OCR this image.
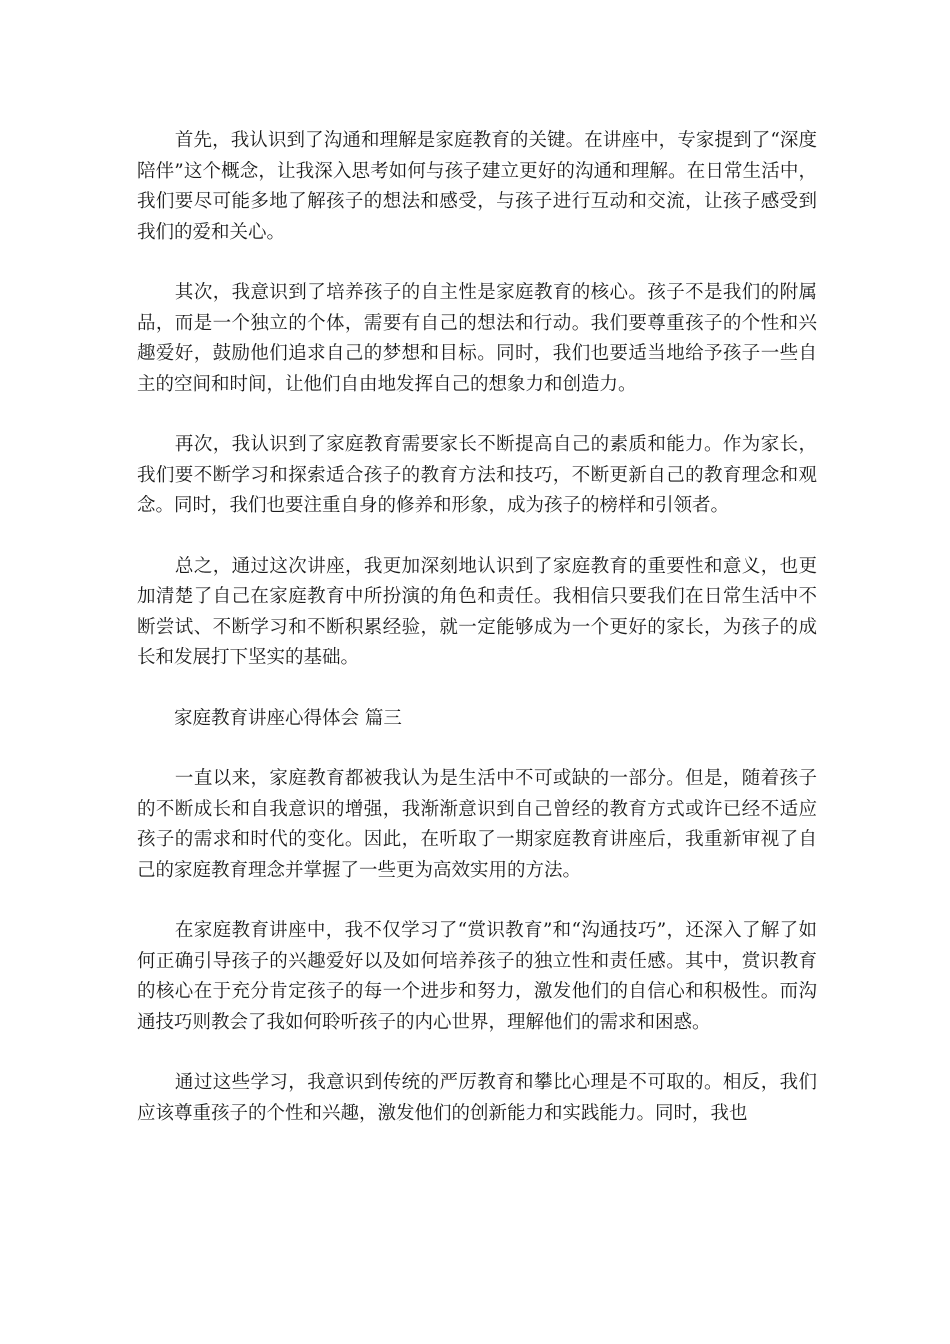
首先，我认识到了沟通和理解是家庭教育的关键。在讲座中，专家提到了“深度陪伴”这个概念，让我深入思考如何与孩子建立更好的沟通和理解。在日常生活中，我们要尽可能多地了解孩子的想法和感受，与孩子进行互动和交流，让孩子感受到我们的爱和关心。

其次，我意识到了培养孩子的自主性是家庭教育的核心。孩子不是我们的附属品，而是一个独立的个体，需要有自己的想法和行动。我们要尊重孩子的个性和兴趣爱好，鼓励他们追求自己的梦想和目标。同时，我们也要适当地给予孩子一些自主的空间和时间，让他们自由地发挥自己的想象力和创造力。

再次，我认识到了家庭教育需要家长不断提高自己的素质和能力。作为家长，我们要不断学习和探索适合孩子的教育方法和技巧，不断更新自己的教育理念和观念。同时，我们也要注重自身的修养和形象，成为孩子的榜样和引领者。

总之，通过这次讲座，我更加深刻地认识到了家庭教育的重要性和意义，也更加清楚了自己在家庭教育中所扮演的角色和责任。我相信只要我们在日常生活中不断尝试、不断学习和不断积累经验，就一定能够成为一个更好的家长，为孩子的成长和发展打下坚实的基础。

家庭教育讲座心得体会 篇三

一直以来，家庭教育都被我认为是生活中不可或缺的一部分。但是，随着孩子的不断成长和自我意识的增强，我渐渐意识到自己曾经的教育方式或许已经不适应孩子的需求和时代的变化。因此，在听取了一期家庭教育讲座后，我重新审视了自己的家庭教育理念并掌握了一些更为高效实用的方法。

在家庭教育讲座中，我不仅学习了“赏识教育”和“沟通技巧”，还深入了解了如何正确引导孩子的兴趣爱好以及如何培养孩子的独立性和责任感。其中，赏识教育的核心在于充分肯定孩子的每一个进步和努力，激发他们的自信心和积极性。而沟通技巧则教会了我如何聆听孩子的内心世界，理解他们的需求和困惑。

通过这些学习，我意识到传统的严厉教育和攀比心理是不可取的。相反，我们应该尊重孩子的个性和兴趣，激发他们的创新能力和实践能力。同时，我也
